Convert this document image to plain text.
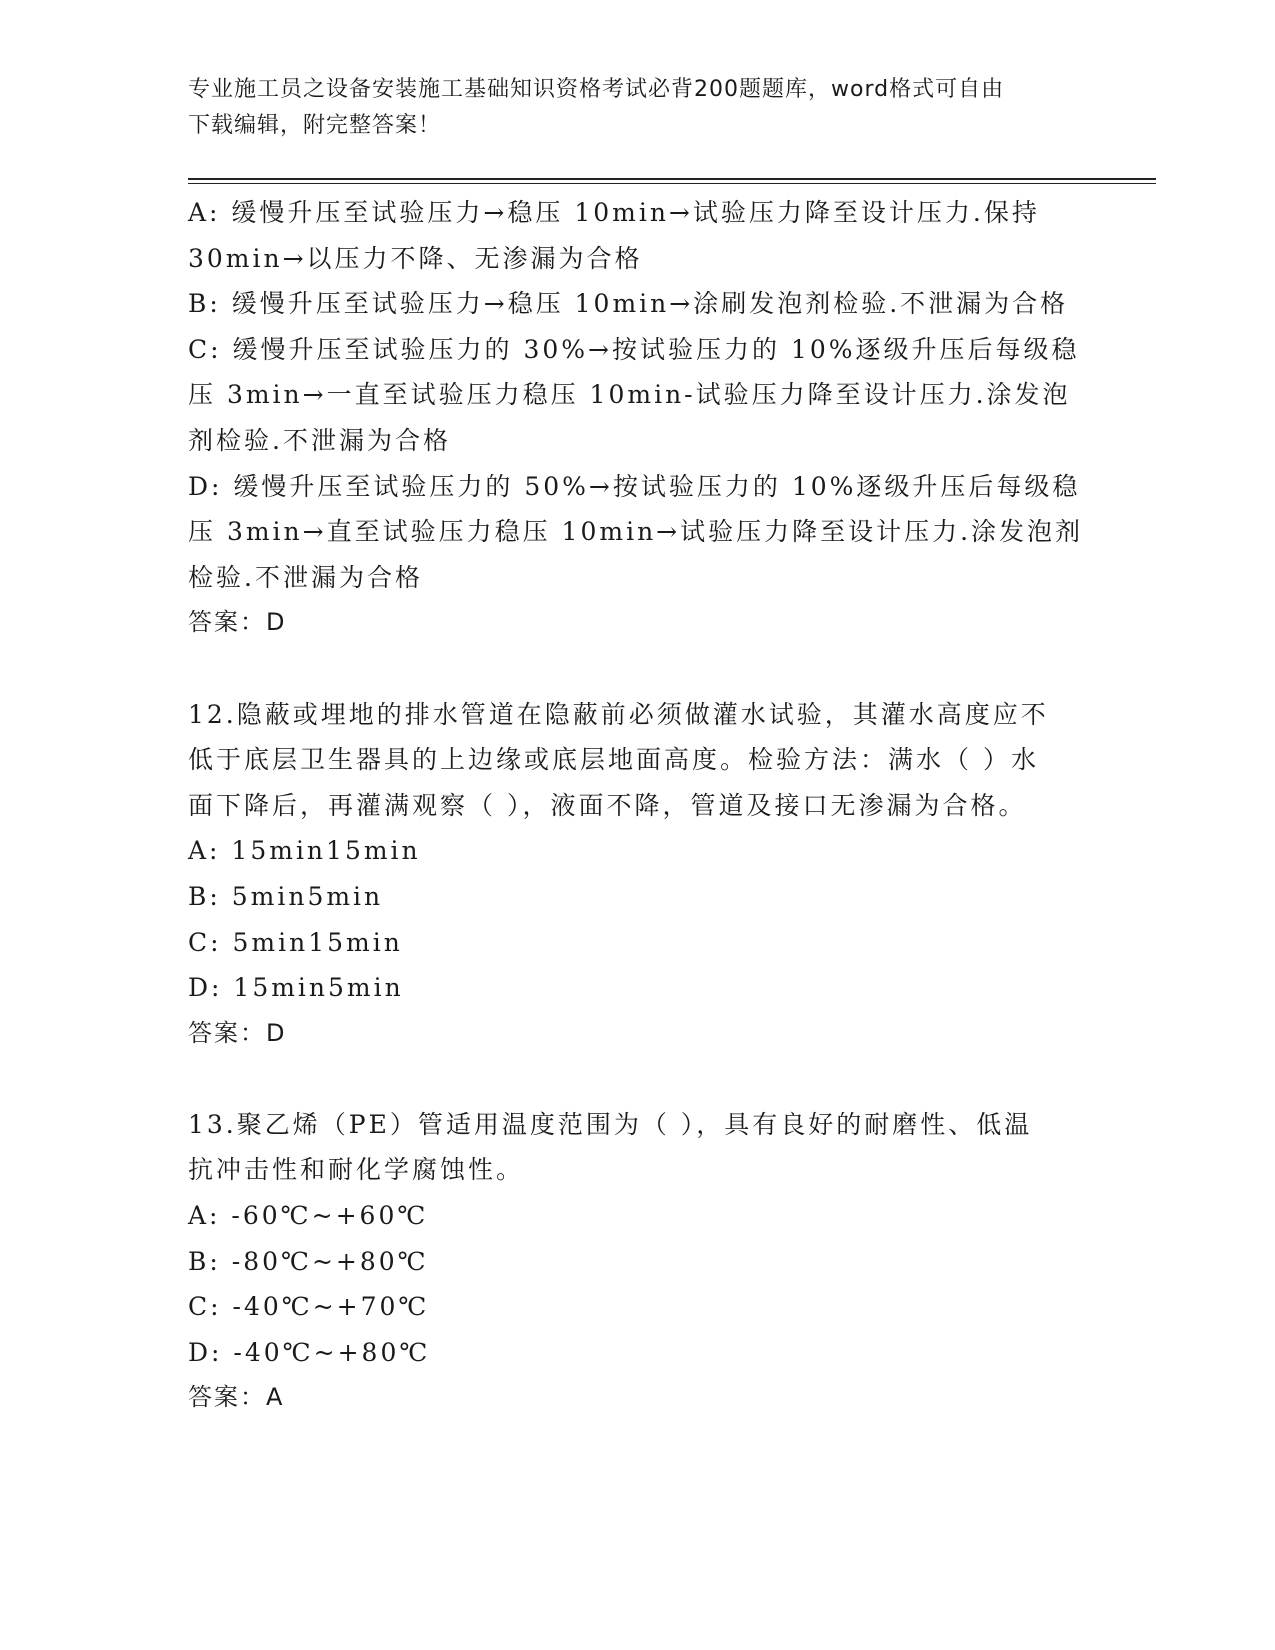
专业施工员之设备安装施工基础知识资格考试必背200题题库，word格式可自由
下载编辑，附完整答案！

A: 缓慢升压至试验压力→稳压 10min→试验压力降至设计压力.保持

30min→以压力不降、无渗漏为合格

B: 缓慢升压至试验压力→稳压 10min→涂刷发泡剂检验.不泄漏为合格

C: 缓慢升压至试验压力的 30%→按试验压力的 10%逐级升压后每级稳

压 3min→一直至试验压力稳压 10min-试验压力降至设计压力.涂发泡

剂检验.不泄漏为合格

D: 缓慢升压至试验压力的 50%→按试验压力的 10%逐级升压后每级稳

压 3min→直至试验压力稳压 10min→试验压力降至设计压力.涂发泡剂

检验.不泄漏为合格

答案：D

12.隐蔽或埋地的排水管道在隐蔽前必须做灌水试验，其灌水高度应不

低于底层卫生器具的上边缘或底层地面高度。检验方法：满水（ ）水

面下降后，再灌满观察（ ），液面不降，管道及接口无渗漏为合格。

A: 15min15min

B: 5min5min

C: 5min15min

D: 15min5min

答案：D

13.聚乙烯（PE）管适用温度范围为（ ），具有良好的耐磨性、低温

抗冲击性和耐化学腐蚀性。

A: -60℃~+60℃

B: -80℃~+80℃

C: -40℃~+70℃

D: -40℃~+80℃

答案：A
